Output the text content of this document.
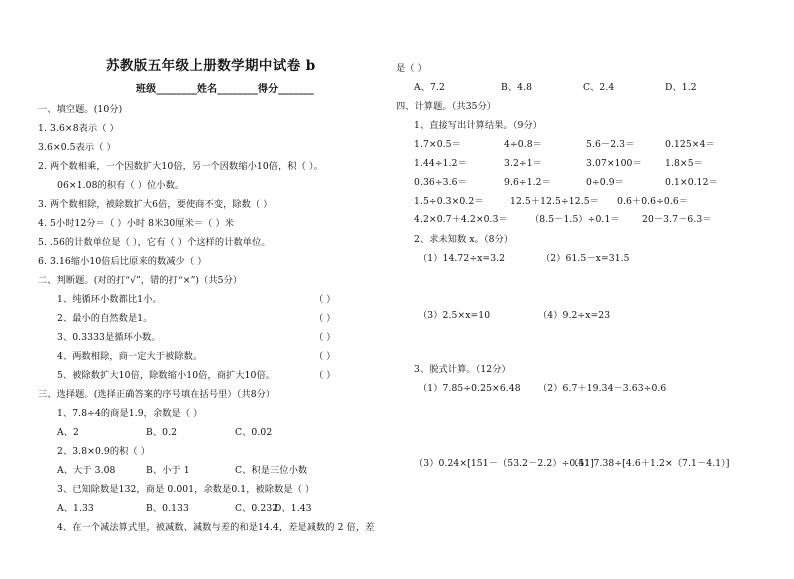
苏教版五年级上册数学期中试卷 b
班级________姓名________得分_______
一、填空题。(10分)
1. 3.6×8表示（ ）
3.6×0.5表示（ ）
2. 两个数相乘，一个因数扩大10倍，另一个因数缩小10倍，积（ ）。
06×1.08的积有（ ）位小数。
3. 两个数相除，被除数扩大6倍，要使商不变，除数（ ）
4. 5小时12分＝（ ）小时 8米30厘米＝（ ）米
5. .56的计数单位是（ ），它有（ ）个这样的计数单位。
6. 3.16缩小10倍后比原来的数减少（ ）
二、判断题。(对的打“√”，错的打“×”)（共5分）
1、纯循环小数都比1小。	（ ）
2、最小的自然数是1。	（ ）
3、0.3333是循环小数。	（ ）
4、两数相除，商一定大于被除数。	（ ）
5、被除数扩大10倍，除数缩小10倍，商扩大10倍。	（ ）
三、选择题。(选择正确答案的序号填在括号里）（共8分）
1、7.8÷4的商是1.9，余数是（ ）
A、2	B、0.2	C、0.02
2、3.8×0.9的积（ ）
A、大于 3.08	B、小于 1	C、积是三位小数
3、已知除数是132，商是 0.001，余数是0.1，被除数是（ ）
A、1.33	B、0.133	C、0.232
D、1.43
4、在一个减法算式里，被减数、减数与差的和是14.4，差是减数的 2 倍，差
是（ ）
A、7.2	B、4.8	C、2.4	D、1.2
四、计算题。（共35分）
1、直接写出计算结果。（9分）
1.7×0.5＝	4÷0.8＝	5.6－2.3＝	0.125×4＝
1.44÷1.2＝	3.2÷1＝	3.07×100＝	1.8×5＝
0.36÷3.6＝	9.6÷1.2＝	0÷0.9＝	0.1×0.12＝
1.5÷0.3×0.2＝	12.5＋12.5÷12.5＝ 0.6＋0.6÷0.6＝
4.2×0.7＋4.2×0.3＝ （8.5－1.5）÷0.1＝ 20－3.7－6.3＝
2、求未知数 x。（8分）
（1）14.72÷x=3.2	（2）61.5－x=31.5
（3）2.5×x=10	（4）9.2÷x=23
3、脱式计算。（12分）
（1）7.85÷0.25×6.48 （2）6.7＋19.34－3.63÷0.6
（3）0.24×[151－（53.2－2.2）÷0.51]
（4）7.38÷[4.6＋1.2×（7.1－4.1）]
